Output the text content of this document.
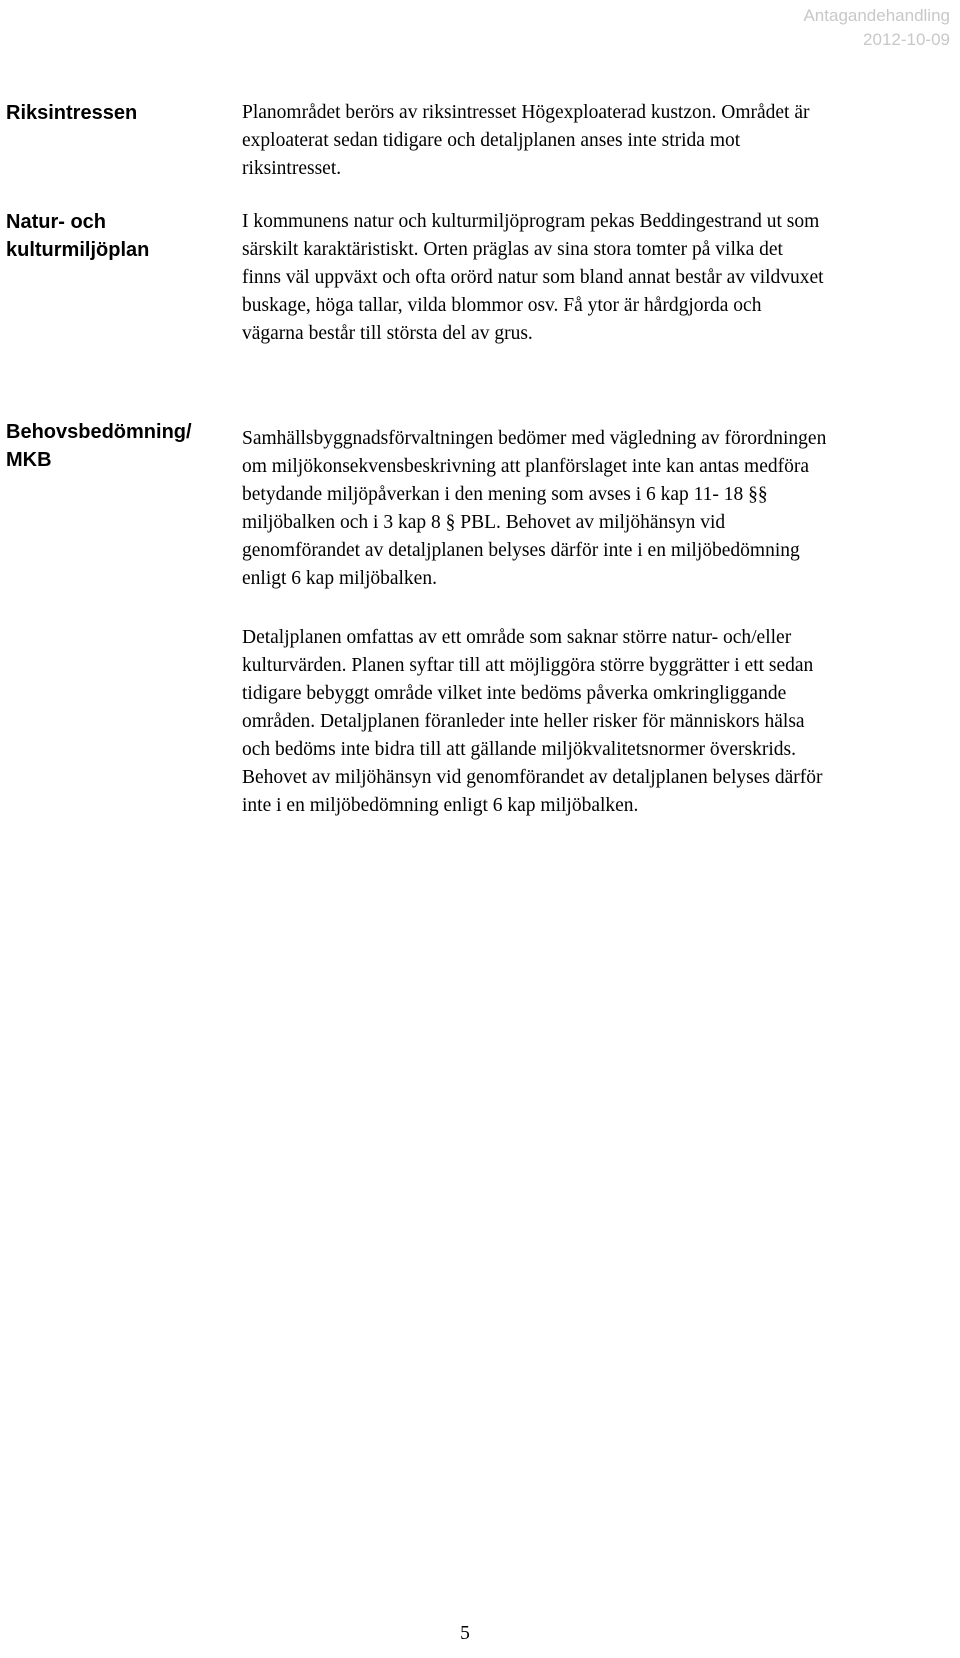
Antagandehandling
2012-10-09
Riksintressen	Planområdet berörs av riksintresset Högexploaterad kustzon. Området är
exploaterat sedan tidigare och detaljplanen anses inte strida mot
riksintresset.
Natur- och
kulturmiljöplan
I kommunens natur och kulturmiljöprogram pekas Beddingestrand ut som
särskilt karaktäristiskt. Orten präglas av sina stora tomter på vilka det
finns väl uppväxt och ofta orörd natur som bland annat består av vildvuxet
buskage, höga tallar, vilda blommor osv. Få ytor är hårdgjorda och
vägarna består till största del av grus.
Behovsbedömning/
MKB
Samhällsbyggnadsförvaltningen bedömer med vägledning av förordningen
om miljökonsekvensbeskrivning att planförslaget inte kan antas medföra
betydande miljöpåverkan i den mening som avses i 6 kap 11- 18 §§
miljöbalken och i 3 kap 8 § PBL. Behovet av miljöhänsyn vid
genomförandet av detaljplanen belyses därför inte i en miljöbedömning
enligt 6 kap miljöbalken.
Detaljplanen omfattas av ett område som saknar större natur- och/eller
kulturvärden. Planen syftar till att möjliggöra större byggrätter i ett sedan
tidigare bebyggt område vilket inte bedöms påverka omkringliggande
områden. Detaljplanen föranleder inte heller risker för människors hälsa
och bedöms inte bidra till att gällande miljökvalitetsnormer överskrids.
Behovet av miljöhänsyn vid genomförandet av detaljplanen belyses därför
inte i en miljöbedömning enligt 6 kap miljöbalken.
5
